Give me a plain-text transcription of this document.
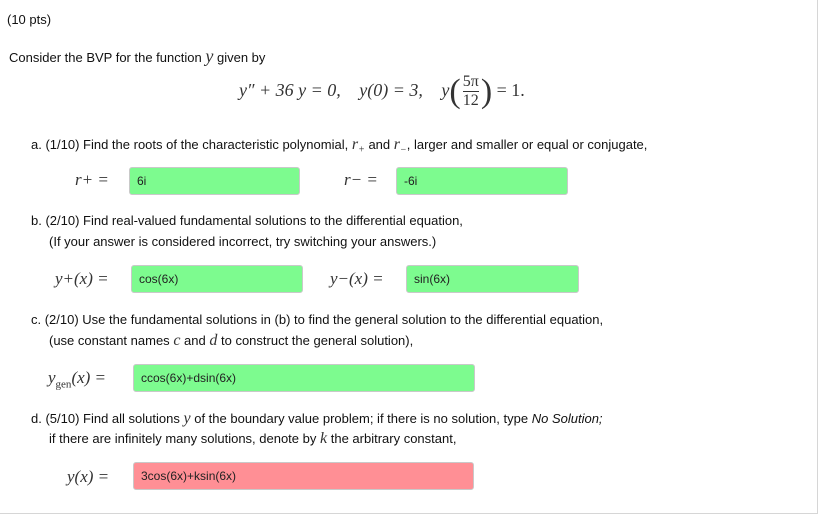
(10 pts)
Consider the BVP for the function y given by
y″ + 36 y = 0, y(0) = 3, $y( \frac{5\pi}{12}$ ) = 1.
a. (1/10) Find the roots of the characteristic polynomial, $r_+$ and $r_-$, larger and smaller or equal or conjugate,
r+ =	6i	r− =	-6i
b. (2/10) Find real-valued fundamental solutions to the differential equation,
(If your answer is considered incorrect, try switching your answers.)
y+(x) =	cos(6x)	y−(x) =	sin(6x)
c. (2/10) Use the fundamental solutions in (b) to find the general solution to the differential equation,
(use constant names c and d to construct the general solution),
$y_{gen}(x)$ =	ccos(6x)+dsin(6x)
d. (5/10) Find all solutions y of the boundary value problem; if there is no solution, type No Solution;
if there are infinitely many solutions, denote by k the arbitrary constant,
y(x) =	3cos(6x)+ksin(6x)
